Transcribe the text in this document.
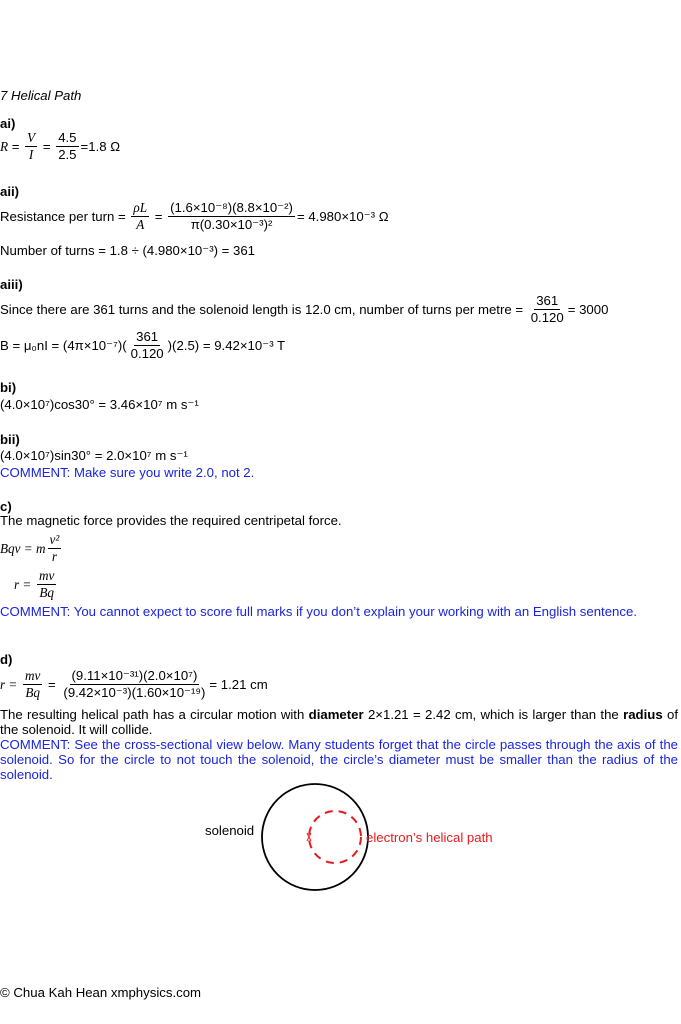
7 Helical Path
ai)
$R = \frac{V}{I} = \frac{4.5}{2.5} =1.8$ Ω
aii)
Resistance per turn = $\frac{\rho L}{A} = \frac{\text{(1.6×10⁻⁸)(8.8×10⁻²)}}{\text{π(0.30×10⁻³)²}} = 4.980\times 10^{-3}$ Ω
Number of turns = 1.8 ÷ (4.980×10⁻³) = 361
aiii)
Since there are 361 turns and the solenoid length is 12.0 cm, number of turns per metre = $\frac{361}{0.120} = 3000$
$B = \mu_0nI = (4\pi\times 10^{-7})( \frac{361}{0.120} )(2.5) = 9.42\times 10^{-3}$ T
bi)
(4.0×10⁷)cos30° = 3.46×10⁷ m s⁻¹
bii)
(4.0×10⁷)sin30° = 2.0×10⁷ m s⁻¹
COMMENT: Make sure you write 2.0, not 2.
c)
The magnetic force provides the required centripetal force.
Bqv = m $\frac{\text{v²}}{r}$
r =
$\frac{mv}{Bq}$
COMMENT: You cannot expect to score full marks if you don’t explain your working with an English sentence.
d)
r =
$\frac{mv}{Bq} = \frac{\text{(9.11×10⁻³¹)(2.0×10⁷)}}{\text{(9.42×10⁻³)(1.60×10⁻¹⁹)}} = 1.21$ cm
The resulting helical path has a circular motion with diameter 2×1.21 = 2.42 cm, which is larger than the radius of the solenoid. It will collide.
COMMENT: See the cross-sectional view below. Many students forget that the circle passes through the axis of the solenoid. So for the circle to not touch the solenoid, the circle’s diameter must be smaller than the radius of the solenoid.
solenoid	electron’s helical path
© Chua Kah Hean xmphysics.com
